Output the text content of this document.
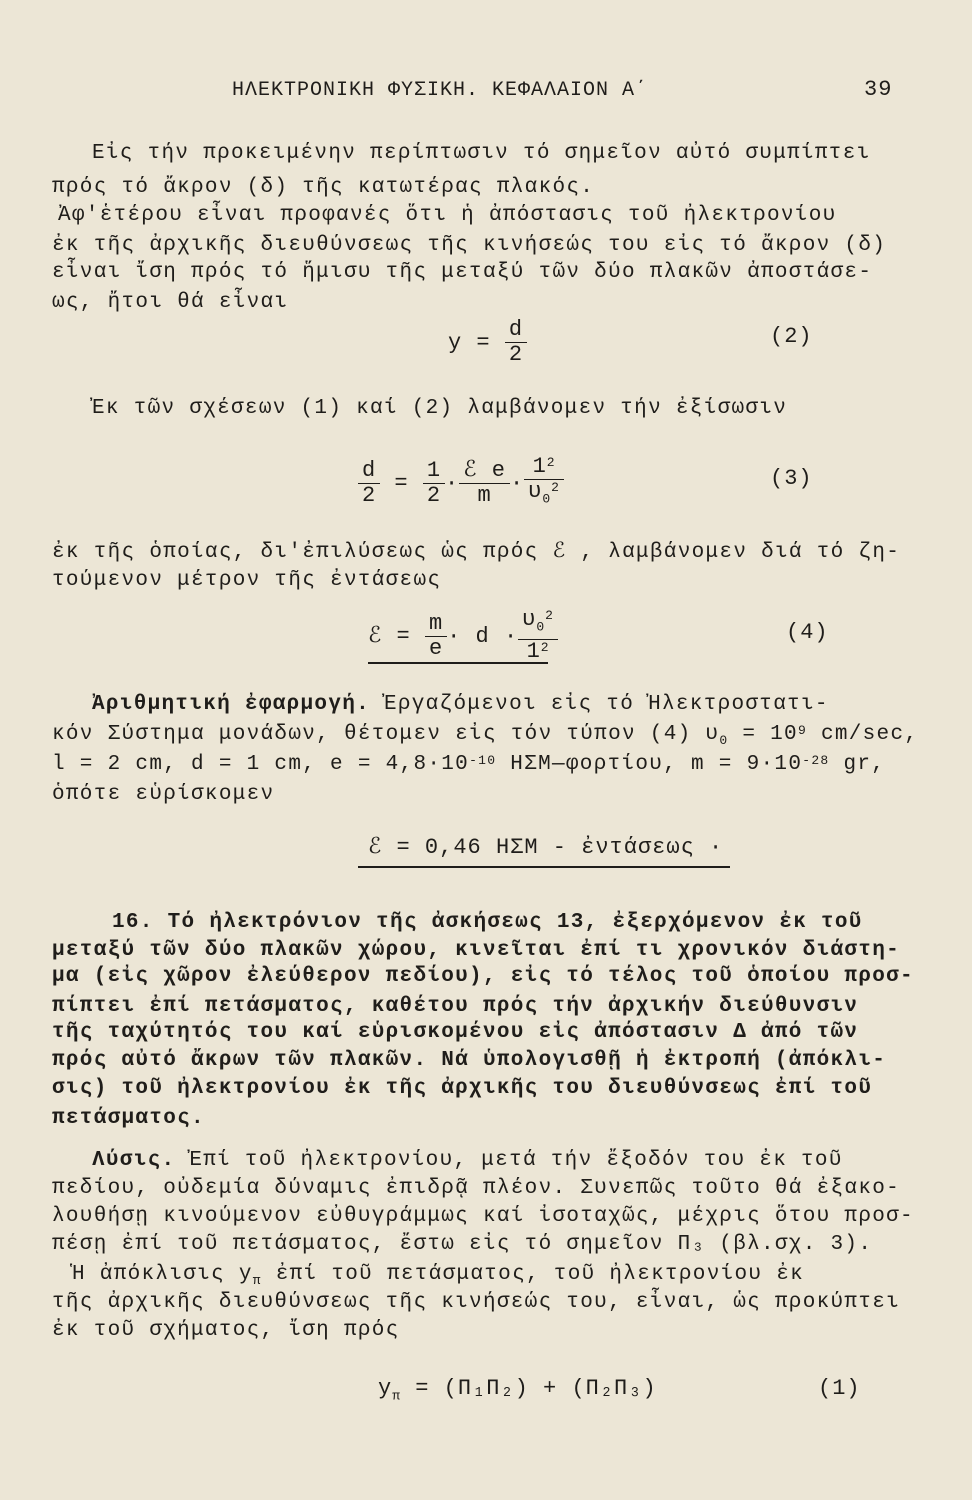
ΗΛΕΚΤΡΟΝΙΚΗ ΦΥΣΙΚΗ. ΚΕΦΑΛΑΙΟΝ Α΄	39
Εἰς τήν προκειμένην περίπτωσιν τό σημεῖον αὐτό συμπίπτει
πρός τό ἄκρον (δ) τῆς κατωτέρας πλακός.
Ἀφ'ἑτέρου εἶναι προφανές ὅτι ἡ ἀπόστασις τοῦ ἠλεκτρονίου
ἐκ τῆς ἀρχικῆς διευθύνσεως τῆς κινήσεώς του εἰς τό ἄκρον (δ)
εἶναι ἴση πρός τό ἥμισυ τῆς μεταξύ τῶν δύο πλακῶν ἀποστάσε-
ως, ἤτοι θά εἶναι
$y = \frac{d}{2}$	(2)
Ἐκ τῶν σχέσεων (1) καί (2) λαμβάνομεν τήν ἐξίσωσιν
$\frac{d}{2} = \frac{1}{2} \cdot \frac{\text{ℰ e}}{m} \cdot \frac{1^2}{\upsilon_0^2}$	(3)
ἐκ τῆς ὁποίας, δι'ἐπιλύσεως ὡς πρός ℰ , λαμβάνομεν διά τό ζη-
τούμενον μέτρον τῆς ἐντάσεως
ℰ = $\frac{m}{e} \cdot d \cdot \frac{\upsilon_0^2}{1^2}$	(4)
Ἀριθμητική ἐφαρμογή. Ἐργαζόμενοι εἰς τό Ἠλεκτροστατι-
κόν Σύστημα μονάδων, θέτομεν εἰς τόν τύπον (4) $\upsilon_0 = 10^9$ cm/sec,
l = 2 cm, d = 1 cm, $e = 4,8\cdot 10^{-10}$ ΗΣΜ—φορτίου, $m = 9\cdot 10^{-28}$ gr,
ὁπότε εὑρίσκομεν
ℰ = 0,46 ΗΣΜ - ἐντάσεως ·
16. Τό ἠλεκτρόνιον τῆς ἀσκήσεως 13, ἐξερχόμενον ἐκ τοῦ
μεταξύ τῶν δύο πλακῶν χώρου, κινεῖται ἐπί τι χρονικόν διάστη-
μα (εἰς χῶρον ἐλεύθερον πεδίου), εἰς τό τέλος τοῦ ὁποίου προσ-
πίπτει ἐπί πετάσματος, καθέτου πρός τήν ἀρχικήν διεύθυνσιν
τῆς ταχύτητός του καί εὑρισκομένου εἰς ἀπόστασιν Δ ἀπό τῶν
πρός αὐτό ἄκρων τῶν πλακῶν. Νά ὑπολογισθῇ ἡ ἐκτροπή (ἀπόκλι-
σις) τοῦ ἠλεκτρονίου ἐκ τῆς ἀρχικῆς του διευθύνσεως ἐπί τοῦ
πετάσματος.
Λύσις. Ἐπί τοῦ ἠλεκτρονίου, μετά τήν ἔξοδόν του ἐκ τοῦ
πεδίου, οὐδεμία δύναμις ἐπιδρᾷ πλέον. Συνεπῶς τοῦτο θά ἐξακο-
λουθήσῃ κινούμενον εὐθυγράμμως καί ἰσοταχῶς, μέχρις ὅτου προσ-
πέσῃ ἐπί τοῦ πετάσματος, ἔστω εἰς τό σημεῖον Π₃ (βλ.σχ. 3).
Ἡ ἀπόκλισις $y_\pi$ ἐπί τοῦ πετάσματος, τοῦ ἠλεκτρονίου ἐκ
τῆς ἀρχικῆς διευθύνσεως τῆς κινήσεώς του, εἶναι, ὡς προκύπτει
ἐκ τοῦ σχήματος, ἴση πρός
$y_\pi = (\Pi_1\Pi_2) + (\Pi_2\Pi_3)$	(1)
